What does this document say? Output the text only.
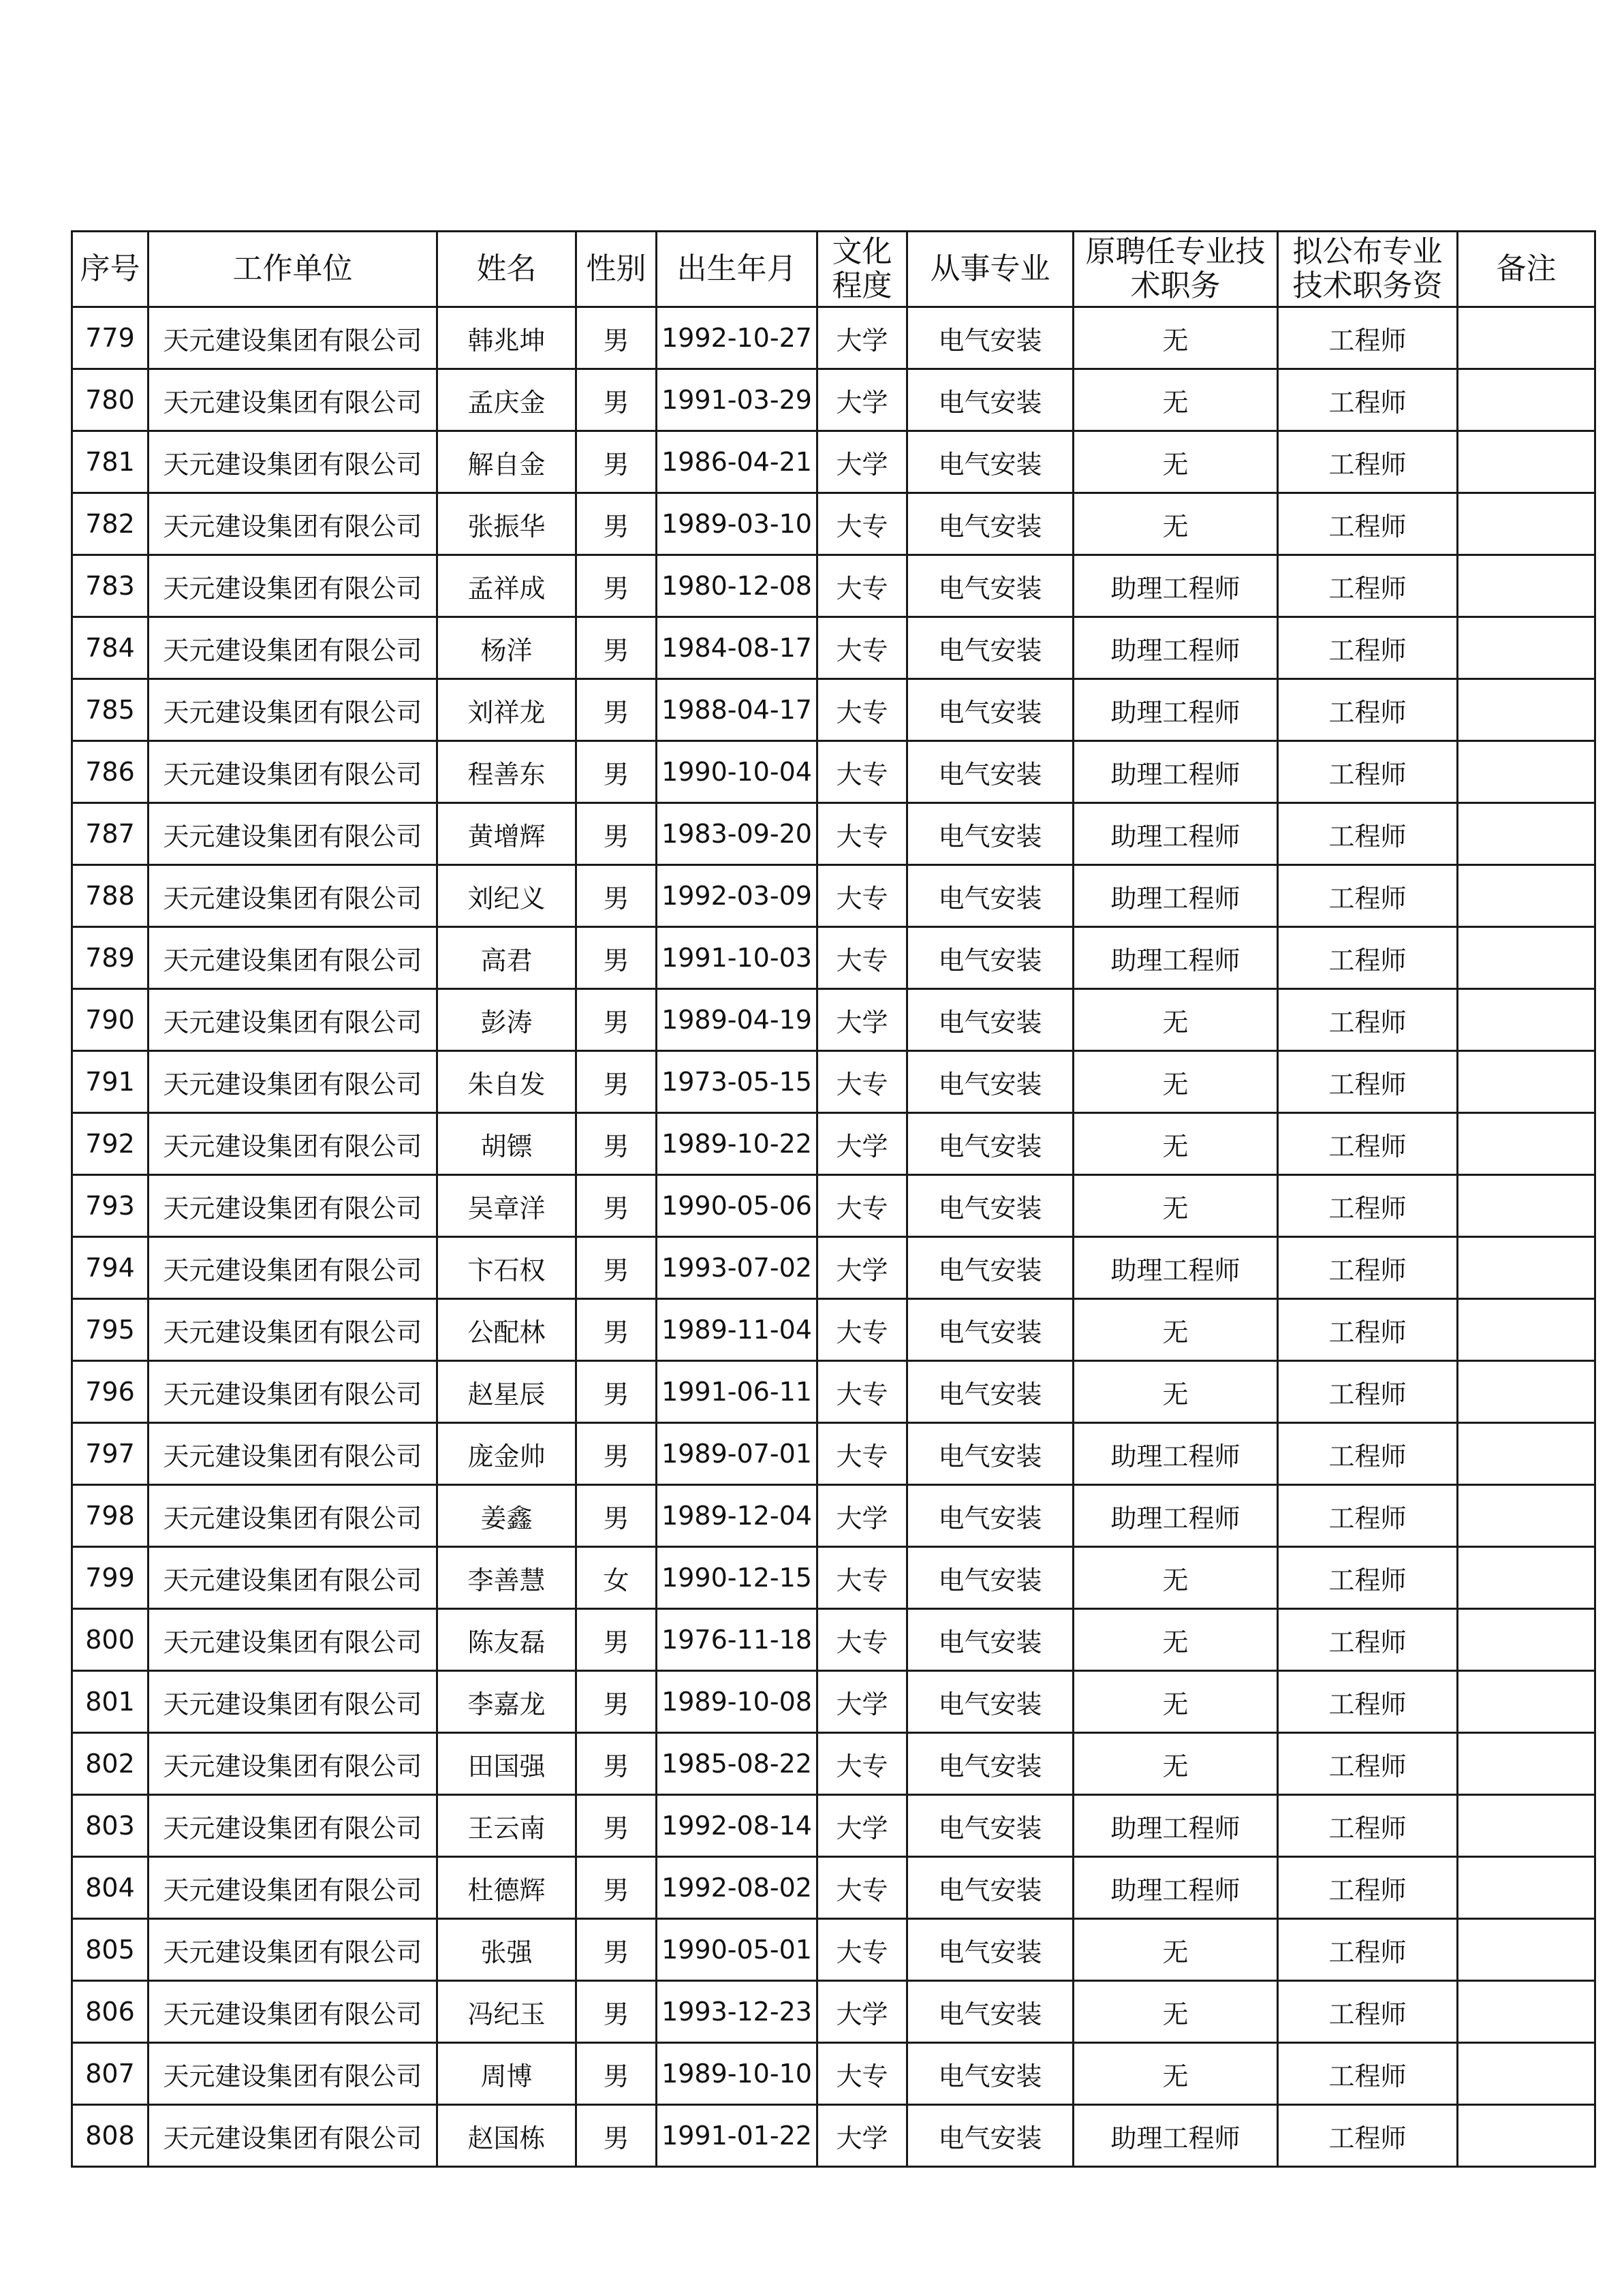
序号	工作单位	姓名	性别	出生年月	文化程度	从事专业	原聘任专业技术职务	拟公布专业技术职务资	备注
779	天元建设集团有限公司	韩兆坤	男	1992-10-27	大学	电气安装	无	工程师	
780	天元建设集团有限公司	孟庆金	男	1991-03-29	大学	电气安装	无	工程师	
781	天元建设集团有限公司	解自金	男	1986-04-21	大学	电气安装	无	工程师	
782	天元建设集团有限公司	张振华	男	1989-03-10	大专	电气安装	无	工程师	
783	天元建设集团有限公司	孟祥成	男	1980-12-08	大专	电气安装	助理工程师	工程师	
784	天元建设集团有限公司	杨洋	男	1984-08-17	大专	电气安装	助理工程师	工程师	
785	天元建设集团有限公司	刘祥龙	男	1988-04-17	大专	电气安装	助理工程师	工程师	
786	天元建设集团有限公司	程善东	男	1990-10-04	大专	电气安装	助理工程师	工程师	
787	天元建设集团有限公司	黄增辉	男	1983-09-20	大专	电气安装	助理工程师	工程师	
788	天元建设集团有限公司	刘纪义	男	1992-03-09	大专	电气安装	助理工程师	工程师	
789	天元建设集团有限公司	高君	男	1991-10-03	大专	电气安装	助理工程师	工程师	
790	天元建设集团有限公司	彭涛	男	1989-04-19	大学	电气安装	无	工程师	
791	天元建设集团有限公司	朱自发	男	1973-05-15	大专	电气安装	无	工程师	
792	天元建设集团有限公司	胡镖	男	1989-10-22	大学	电气安装	无	工程师	
793	天元建设集团有限公司	吴章洋	男	1990-05-06	大专	电气安装	无	工程师	
794	天元建设集团有限公司	卞石权	男	1993-07-02	大学	电气安装	助理工程师	工程师	
795	天元建设集团有限公司	公配林	男	1989-11-04	大专	电气安装	无	工程师	
796	天元建设集团有限公司	赵星辰	男	1991-06-11	大专	电气安装	无	工程师	
797	天元建设集团有限公司	庞金帅	男	1989-07-01	大专	电气安装	助理工程师	工程师	
798	天元建设集团有限公司	姜鑫	男	1989-12-04	大学	电气安装	助理工程师	工程师	
799	天元建设集团有限公司	李善慧	女	1990-12-15	大专	电气安装	无	工程师	
800	天元建设集团有限公司	陈友磊	男	1976-11-18	大专	电气安装	无	工程师	
801	天元建设集团有限公司	李嘉龙	男	1989-10-08	大学	电气安装	无	工程师	
802	天元建设集团有限公司	田国强	男	1985-08-22	大专	电气安装	无	工程师	
803	天元建设集团有限公司	王云南	男	1992-08-14	大学	电气安装	助理工程师	工程师	
804	天元建设集团有限公司	杜德辉	男	1992-08-02	大专	电气安装	助理工程师	工程师	
805	天元建设集团有限公司	张强	男	1990-05-01	大专	电气安装	无	工程师	
806	天元建设集团有限公司	冯纪玉	男	1993-12-23	大学	电气安装	无	工程师	
807	天元建设集团有限公司	周博	男	1989-10-10	大专	电气安装	无	工程师	
808	天元建设集团有限公司	赵国栋	男	1991-01-22	大学	电气安装	助理工程师	工程师	
